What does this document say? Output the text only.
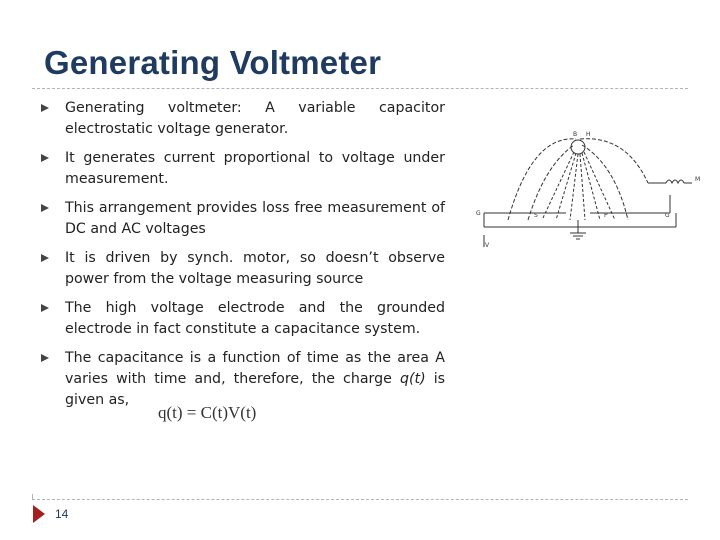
Generating Voltmeter
Generating voltmeter: A variable capacitor electrostatic voltage generator.
It generates current proportional to voltage under measurement.
This arrangement provides loss free measurement of DC and AC voltages
It is driven by synch. motor, so doesn’t observe power from the voltage measuring source
The high voltage electrode and the grounded electrode in fact constitute a capacitance system.
The capacitance is a function of time as the area A varies with time and, therefore, the charge q(t) is given as,
q(t) = C(t)V(t)
B H
M
G	G
P
S
V
14
